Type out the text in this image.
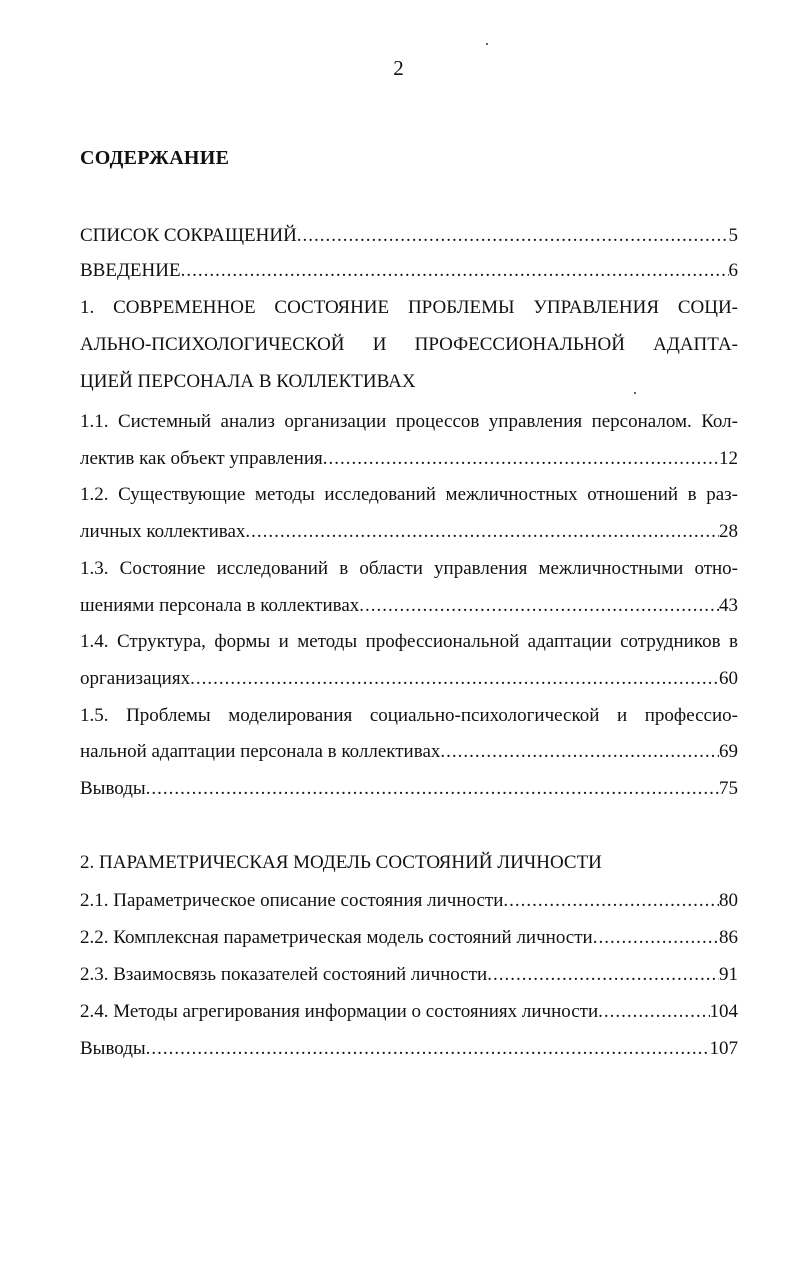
2
СОДЕРЖАНИЕ
СПИСОК СОКРАЩЕНИЙ .....	5
ВВЕДЕНИЕ .....	6
1. СОВРЕМЕННОЕ СОСТОЯНИЕ ПРОБЛЕМЫ УПРАВЛЕНИЯ СОЦИ-
АЛЬНО-ПСИХОЛОГИЧЕСКОЙ И ПРОФЕССИОНАЛЬНОЙ АДАПТА-
ЦИЕЙ ПЕРСОНАЛА В КОЛЛЕКТИВАХ
1.1. Системный анализ организации процессов управления персоналом. Кол-
лектив как объект управления .....	12
1.2. Существующие методы исследований межличностных отношений в раз-
личных коллективах .....	28
1.3. Состояние исследований в области управления межличностными отно-
шениями персонала в коллективах .....	43
1.4. Структура, формы и методы профессиональной адаптации сотрудников в
организациях .....	60
1.5. Проблемы моделирования социально-психологической и профессио-
нальной адаптации персонала в коллективах .....	69
Выводы .....	75
2. ПАРАМЕТРИЧЕСКАЯ МОДЕЛЬ СОСТОЯНИЙ ЛИЧНОСТИ
2.1. Параметрическое описание состояния личности .....	80
2.2. Комплексная параметрическая модель состояний личности .....	86
2.3. Взаимосвязь показателей состояний личности .....	91
2.4. Методы агрегирования информации о состояниях личности .....	104
Выводы .....	107
